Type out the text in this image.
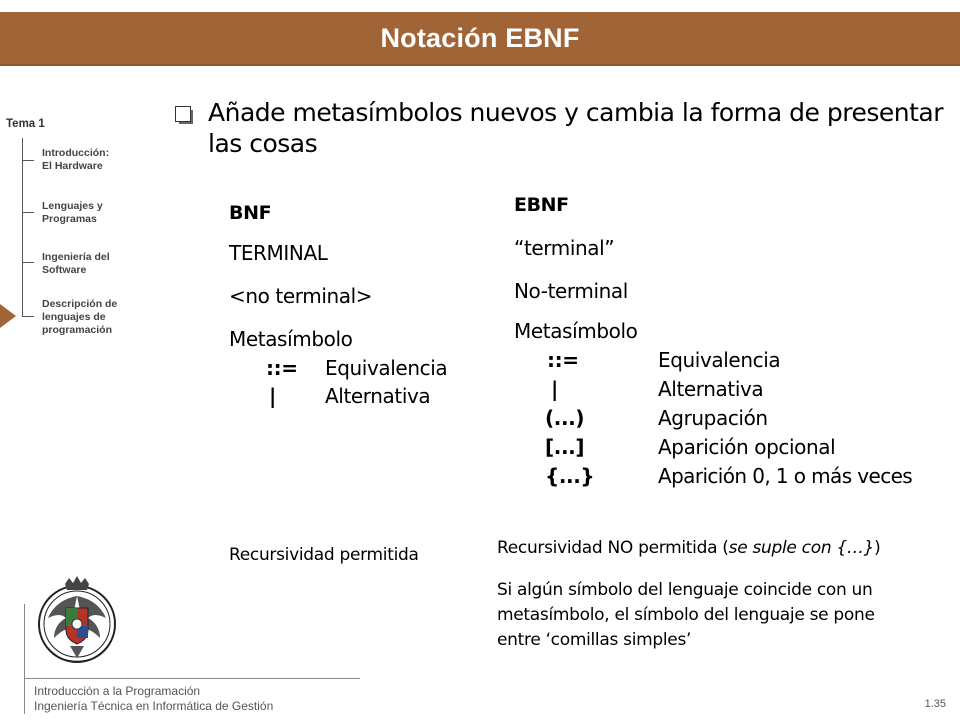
Notación EBNF
Tema 1
Introducción:
El Hardware
Lenguajes y
Programas
Ingeniería del
Software
Descripción de
lenguajes de
programación
Añade metasímbolos nuevos y cambia la forma de presentar
las cosas
BNF
TERMINAL
<no terminal>
Metasímbolo
::= Equivalencia
| Alternativa
Recursividad permitida
EBNF
“terminal”
No-terminal
Metasímbolo
::=	Equivalencia
|	Alternativa
(...)	Agrupación
[...]	Aparición opcional
{...}	Aparición 0, 1 o más veces
Recursividad NO permitida (se suple con {…})
Si algún símbolo del lenguaje coincide con un
metasímbolo, el símbolo del lenguaje se pone
entre ‘comillas simples’
Introducción a la Programación
Ingeniería Técnica en Informática de Gestión	1.35
